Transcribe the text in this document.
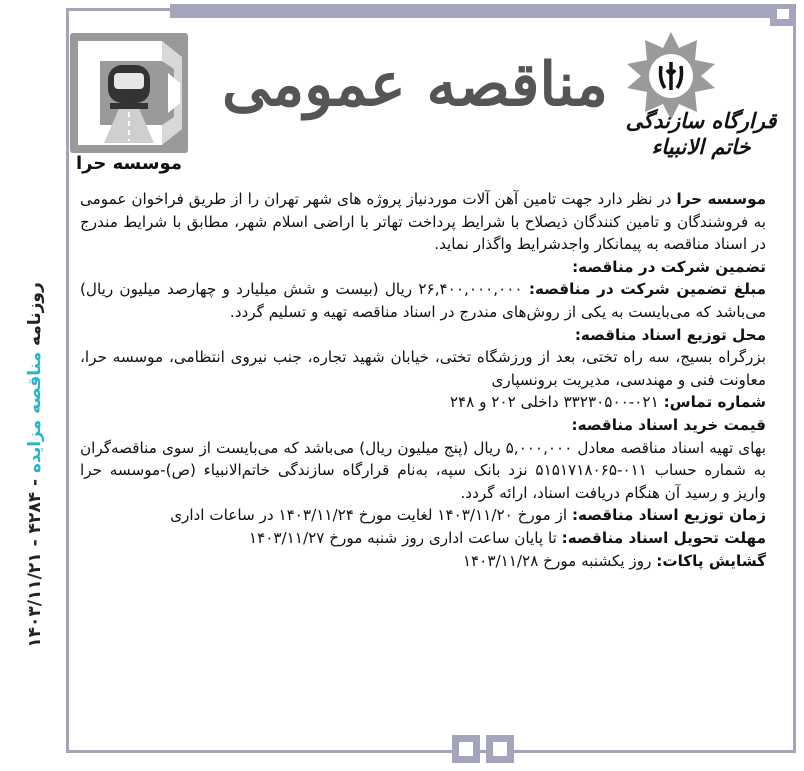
روزنامه مناقصه مزایده - ۴۲۸۴ - ۱۴۰۳/۱۱/۲۱
موسسه حرا
مناقصه عمومی
قرارگاه سازندگی
خاتم الانبیاء

موسسه حرا در نظر دارد جهت تامین آهن آلات موردنیاز پروژه های شهر تهران را از طریق فراخوان عمومی به فروشندگان و تامین کنندگان ذیصلاح با شرایط پرداخت تهاتر با اراضی اسلام شهر، مطابق با شرایط مندرج در اسناد مناقصه به پیمانکار واجدشرایط واگذار نماید.

تضمین شرکت در مناقصه:

مبلغ تضمین شرکت در مناقصه: ۲۶,۴۰۰,۰۰۰,۰۰۰ ریال (بیست و شش میلیارد و چهارصد میلیون ریال) می‌باشد که می‌بایست به یکی از روش‌های مندرج در اسناد مناقصه تهیه و تسلیم گردد.

محل توزیع اسناد مناقصه:

بزرگراه بسیج، سه راه تختی، بعد از ورزشگاه تختی، خیابان شهید تجاره، جنب نیروی انتظامی، موسسه حرا، معاونت فنی و مهندسی، مدیریت برونسپاری

شماره تماس: ۰۲۱-۳۳۲۳۰۵۰۰ داخلی ۲۰۲ و ۲۴۸

قیمت خرید اسناد مناقصه:

بهای تهیه اسناد مناقصه معادل ۵,۰۰۰,۰۰۰ ریال (پنج میلیون ریال) می‌باشد که می‌بایست از سوی مناقصه‌گران به شماره حساب ۰۱۱-۵۱۵۱۷۱۸۰۶۵ نزد بانک سپه، به‌نام قرارگاه سازندگی خاتم‌الانبیاء (ص)-موسسه حرا واریز و رسید آن هنگام دریافت اسناد، ارائه گردد.

زمان توزیع اسناد مناقصه: از مورخ ۱۴۰۳/۱۱/۲۰ لغایت مورخ ۱۴۰۳/۱۱/۲۴ در ساعات اداری

مهلت تحویل اسناد مناقصه: تا پایان ساعت اداری روز شنبه مورخ ۱۴۰۳/۱۱/۲۷

گشایش پاکات: روز یکشنبه مورخ ۱۴۰۳/۱۱/۲۸
